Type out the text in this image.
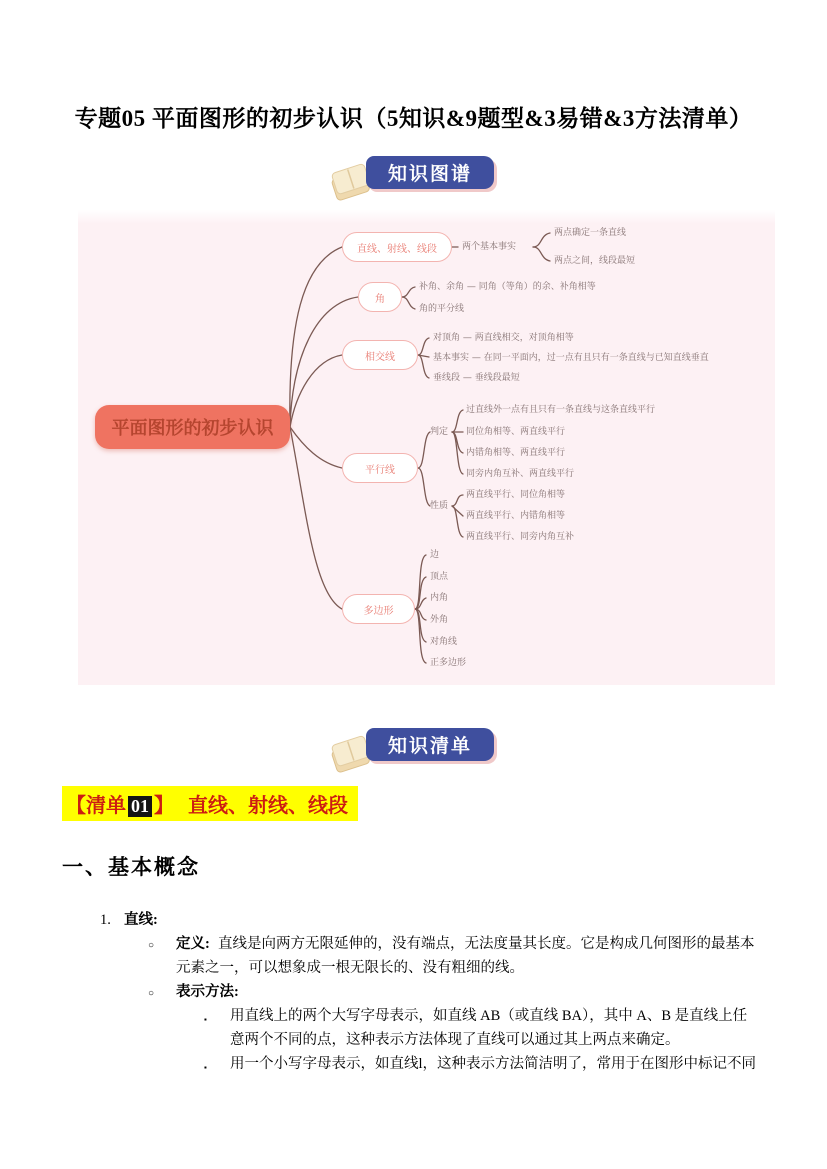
专题05 平面图形的初步认识（5知识&9题型&3易错&3方法清单）
知识图谱
平面图形的初步认识
直线、射线、线段
角
相交线
平行线
多边形
两个基本事实
两点确定一条直线
两点之间，线段最短
补角、余角 — 同角（等角）的余、补角相等
角的平分线
对顶角 — 两直线相交，对顶角相等
基本事实 — 在同一平面内，过一点有且只有一条直线与已知直线垂直
垂线段 — 垂线段最短
判定
过直线外一点有且只有一条直线与这条直线平行
同位角相等、两直线平行
内错角相等、两直线平行
同旁内角互补、两直线平行
性质
两直线平行、同位角相等
两直线平行、内错角相等
两直线平行、同旁内角互补
边
顶点
内角
外角
对角线
正多边形
知识清单
【清单 01 】 直线、射线、线段
一、基本概念
1. 直线:
○ 定义: 直线是向两方无限延伸的，没有端点，无法度量其长度。它是构成几何图形的最基本
元素之一，可以想象成一根无限长的、没有粗细的线。
○ 表示方法:
▪ 用直线上的两个大写字母表示，如直线 AB（或直线 BA），其中 A、B 是直线上任
意两个不同的点，这种表示方法体现了直线可以通过其上两点来确定。
▪ 用一个小写字母表示，如直线l，这种表示方法简洁明了，常用于在图形中标记不同
